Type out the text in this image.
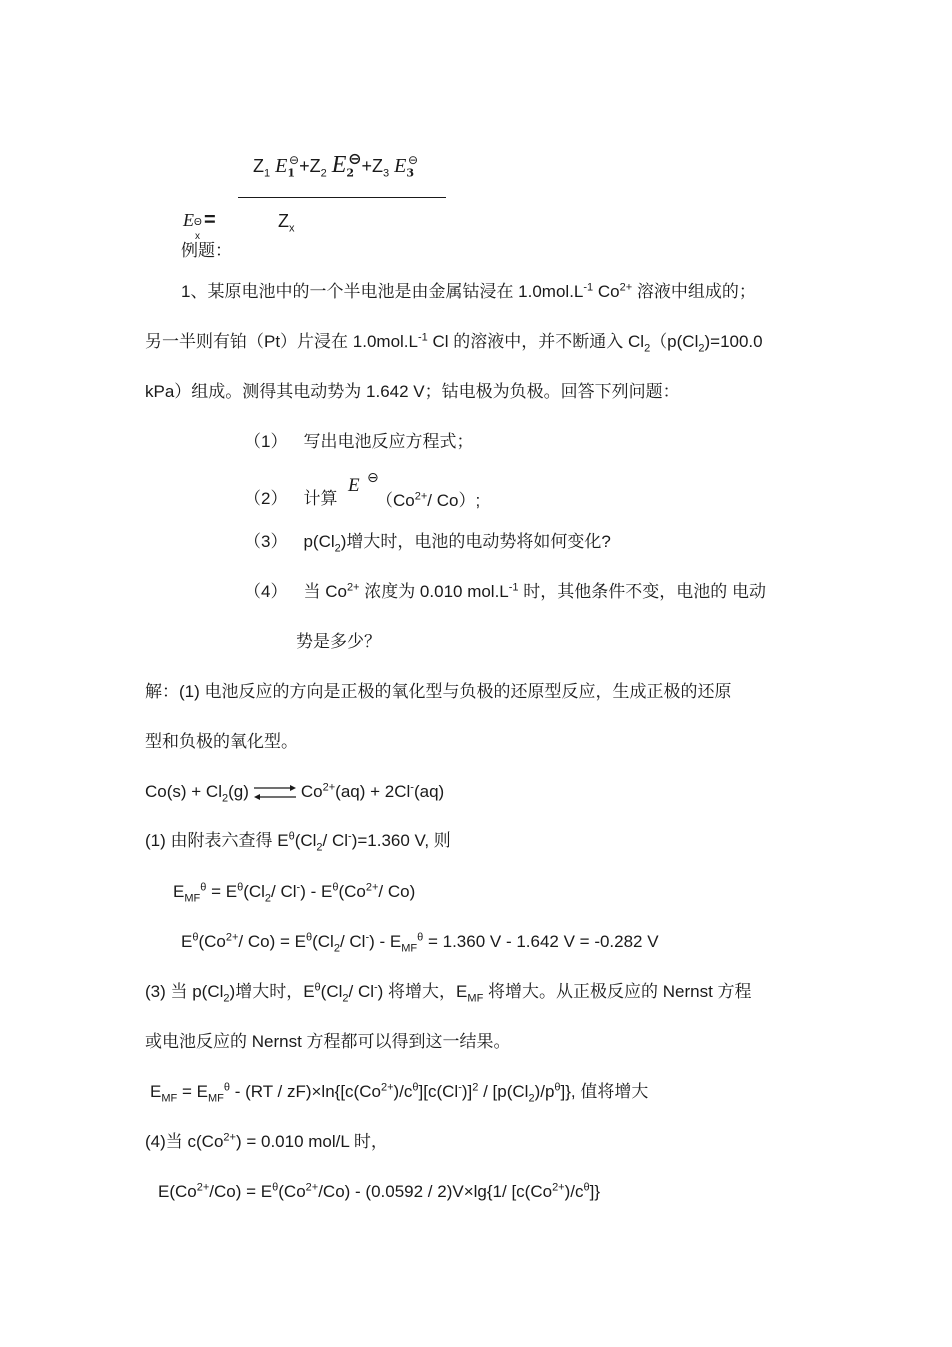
$Z_1$ $E_1^⊖+Z_2$ $E_2⊖+Z_3$ $E_3^⊖$
E Θ
x
=	$Z_x$
例题：
1、某原电池中的一个半电池是由金属钴浸在 $1.0mol.L^{-1}$ $Co^{2+}$ 溶液中组成的；
另一半则有铂（Pt）片浸在 $1.0mol.L^{-1}$ Cl 的溶液中，并不断通入 $Cl_2(p(Cl_2)=100.0$
kPa）组成。测得其电动势为 1.642 V；钴电极为负极。回答下列问题：
（1） 写出电池反应方程式；
（2） 计算
E ⊖
（$Co^{2+}/$ Co）;
（3） $p(Cl_2)$增大时，电池的电动势将如何变化?
（4） 当 $Co^{2+}$ 浓度为 0.010 $mol.L^{-1}$ 时，其他条件不变，电池的 电动
势是多少？
解：(1) 电池反应的方向是正极的氧化型与负极的还原型反应，生成正极的还原
型和负极的氧化型。
$Co(s) + Cl_2(g)$ ⇌ $Co^{2+}(aq) + 2Cl^-(aq)$
(1) 由附表六查得 $E^\theta(Cl_2/$ Cl-)=1.360 V, 则
$E_{MF}^\theta = E^\theta(Cl_2/$ $Cl^-) - E^\theta(Co^{2+}/$ Co)
$E^\theta(Co^{2+}/$ $Co) = E^\theta(Cl_2/$ $Cl^-) - E_{MF}^\theta = 1.360$ V - 1.642 V = -0.282 V
(3) 当 $p(Cl_2)$增大时，$E^\theta(Cl_2/$ Cl-) 将增大，$E_{MF}$ 将增大。从正极反应的 Nernst 方程
或电池反应的 Nernst 方程都可以得到这一结果。
$E_{MF} = E_{MF}^\theta - (RT / zF)\times\ln\{[c(Co^{2+})/c^\theta][c(Cl^-)]^2 / [p(Cl_2)/p^\theta]\}$, 值将增大
(4)当 $c(Co^{2+}) = 0.010$ mol/L 时，
$E(Co^{2+}/Co) = E^\theta(Co^{2+}/Co) - (0.0592 / 2)V\times\lg\{1/$ $[c(Co^{2+})/c^\theta]$}
